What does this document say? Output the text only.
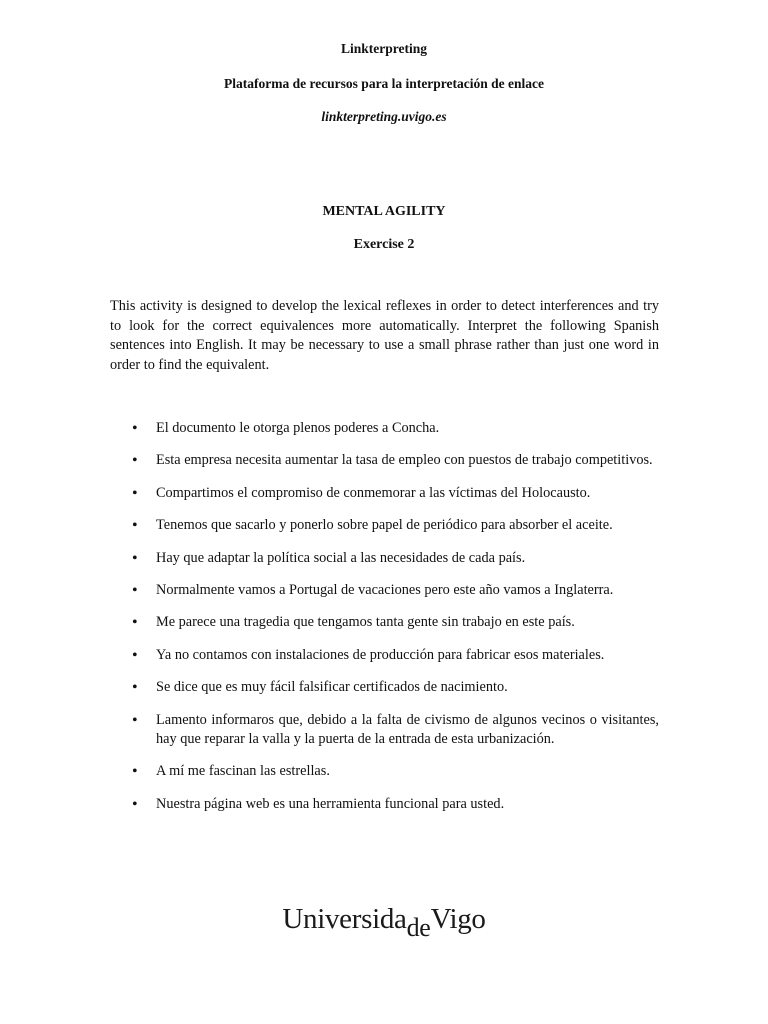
Linkterpreting
Plataforma de recursos para la interpretación de enlace
linkterpreting.uvigo.es
MENTAL AGILITY
Exercise 2

This activity is designed to develop the lexical reflexes in order to detect interferences and try to look for the correct equivalences more automatically. Interpret the following Spanish sentences into English. It may be necessary to use a small phrase rather than just one word in order to find the equivalent.

• El documento le otorga plenos poderes a Concha.
• Esta empresa necesita aumentar la tasa de empleo con puestos de trabajo competitivos.
• Compartimos el compromiso de conmemorar a las víctimas del Holocausto.
• Tenemos que sacarlo y ponerlo sobre papel de periódico para absorber el aceite.
• Hay que adaptar la política social a las necesidades de cada país.
• Normalmente vamos a Portugal de vacaciones pero este año vamos a Inglaterra.
• Me parece una tragedia que tengamos tanta gente sin trabajo en este país.
• Ya no contamos con instalaciones de producción para fabricar esos materiales.
• Se dice que es muy fácil falsificar certificados de nacimiento.
• Lamento informaros que, debido a la falta de civismo de algunos vecinos o visitantes, hay que reparar la valla y la puerta de la entrada de esta urbanización.
• A mí me fascinan las estrellas.
• Nuestra página web es una herramienta funcional para usted.
UniversidadeVigo
